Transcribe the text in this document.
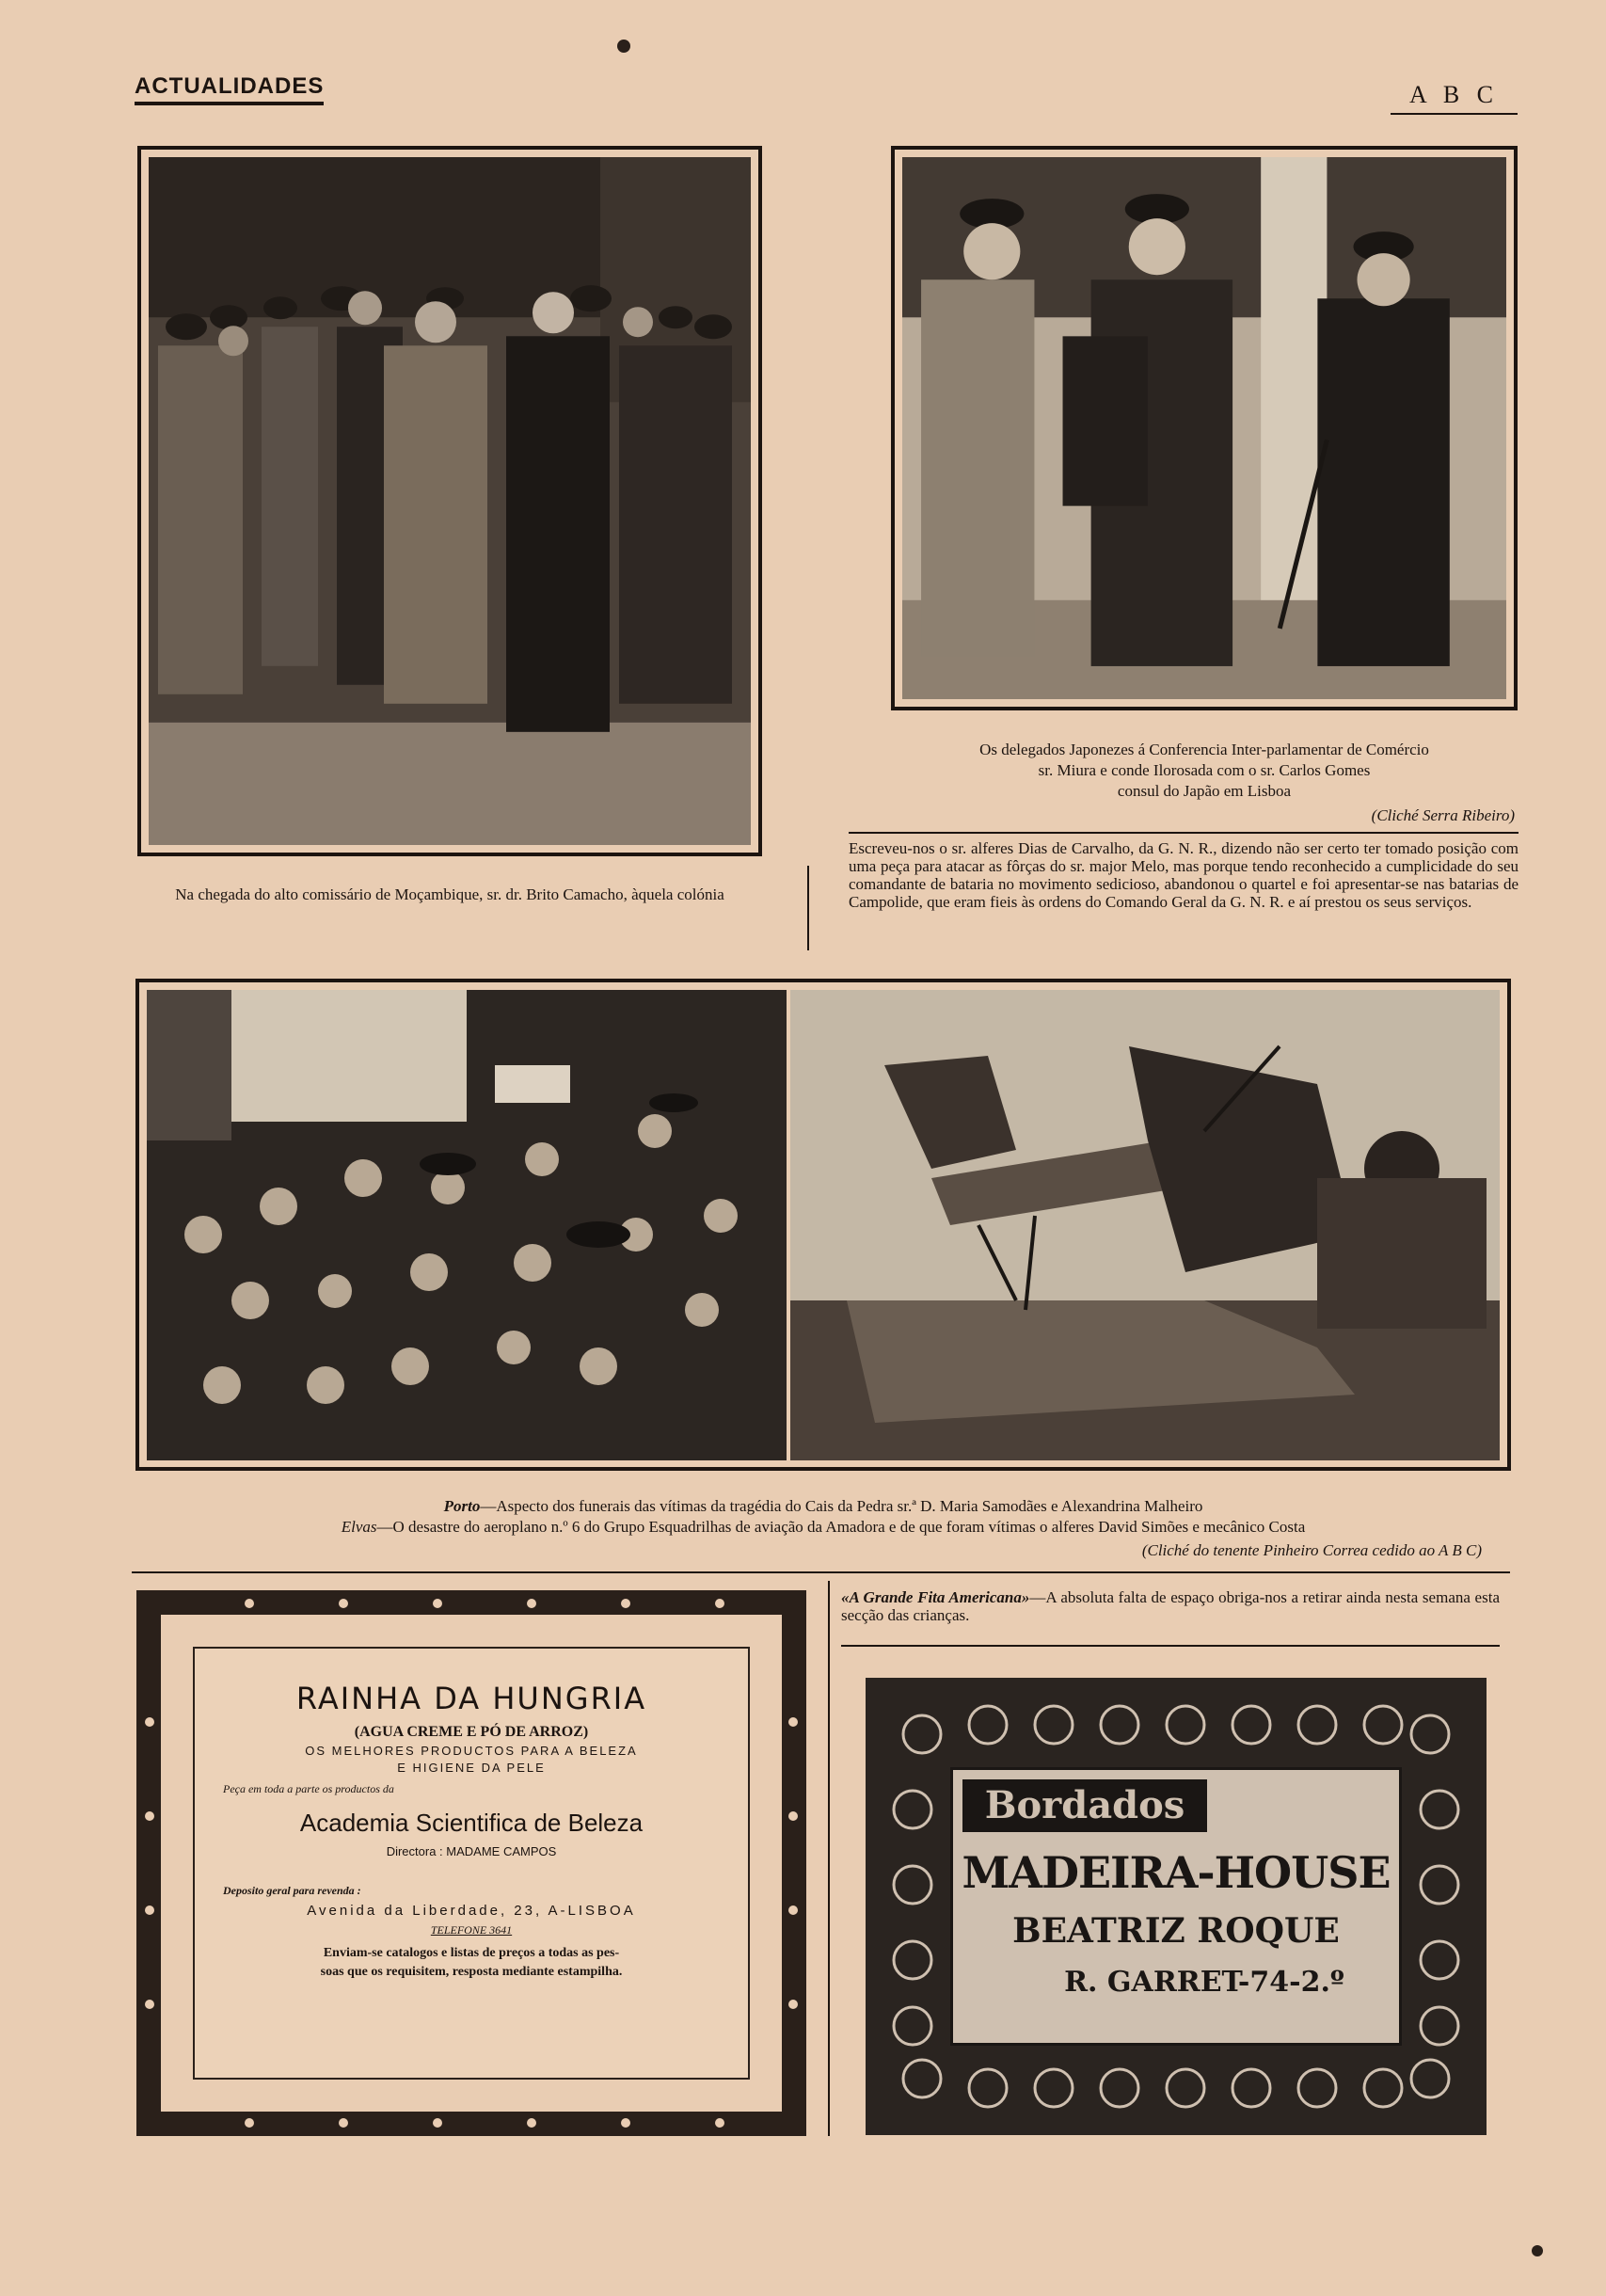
ACTUALIDADES	A B C
Na chegada do alto comissário de Moçambique, sr. dr. Brito Camacho, àquela colónia
Os delegados Japonezes á Conferencia Inter-parlamentar de Comércio
sr. Miura e conde Ilorosada com o sr. Carlos Gomes
consul do Japão em Lisboa
(Cliché Serra Ribeiro)
Escreveu-nos o sr. alferes Dias de Carvalho, da G. N. R., dizendo não ser certo ter tomado posição com uma peça para atacar as fôrças do sr. major Melo, mas porque tendo reconhecido a cumplicidade do seu comandante de bataria no movimento sedicioso, abandonou o quartel e foi apresentar-se nas batarias de Campolide, que eram fieis às ordens do Comando Geral da G. N. R. e aí prestou os seus serviços.
Porto—Aspecto dos funerais das vítimas da tragédia do Cais da Pedra sr.ª D. Maria Samodães e Alexandrina Malheiro
Elvas—O desastre do aeroplano n.º 6 do Grupo Esquadrilhas de aviação da Amadora e de que foram vítimas o alferes David Simões e mecânico Costa
(Cliché do tenente Pinheiro Correa cedido ao A B C)
«A Grande Fita Americana»—A absoluta falta de espaço obriga-nos a retirar ainda nesta semana esta secção das crianças.
RAINHA DA HUNGRIA
(AGUA CREME E PÓ DE ARROZ)
OS MELHORES PRODUCTOS PARA A BELEZA
E HIGIENE DA PELE
Peça em toda a parte os productos da
Academia Scientifica de Beleza
Directora : MADAME CAMPOS
Deposito geral para revenda :
Avenida da Liberdade, 23, A-LISBOA
TELEFONE 3641
Enviam-se catalogos e listas de preços a todas as pes-
soas que os requisitem, resposta mediante estampilha.
Bordados
MADEIRA-HOUSE
BEATRIZ ROQUE
R. GARRET-74-2.º
